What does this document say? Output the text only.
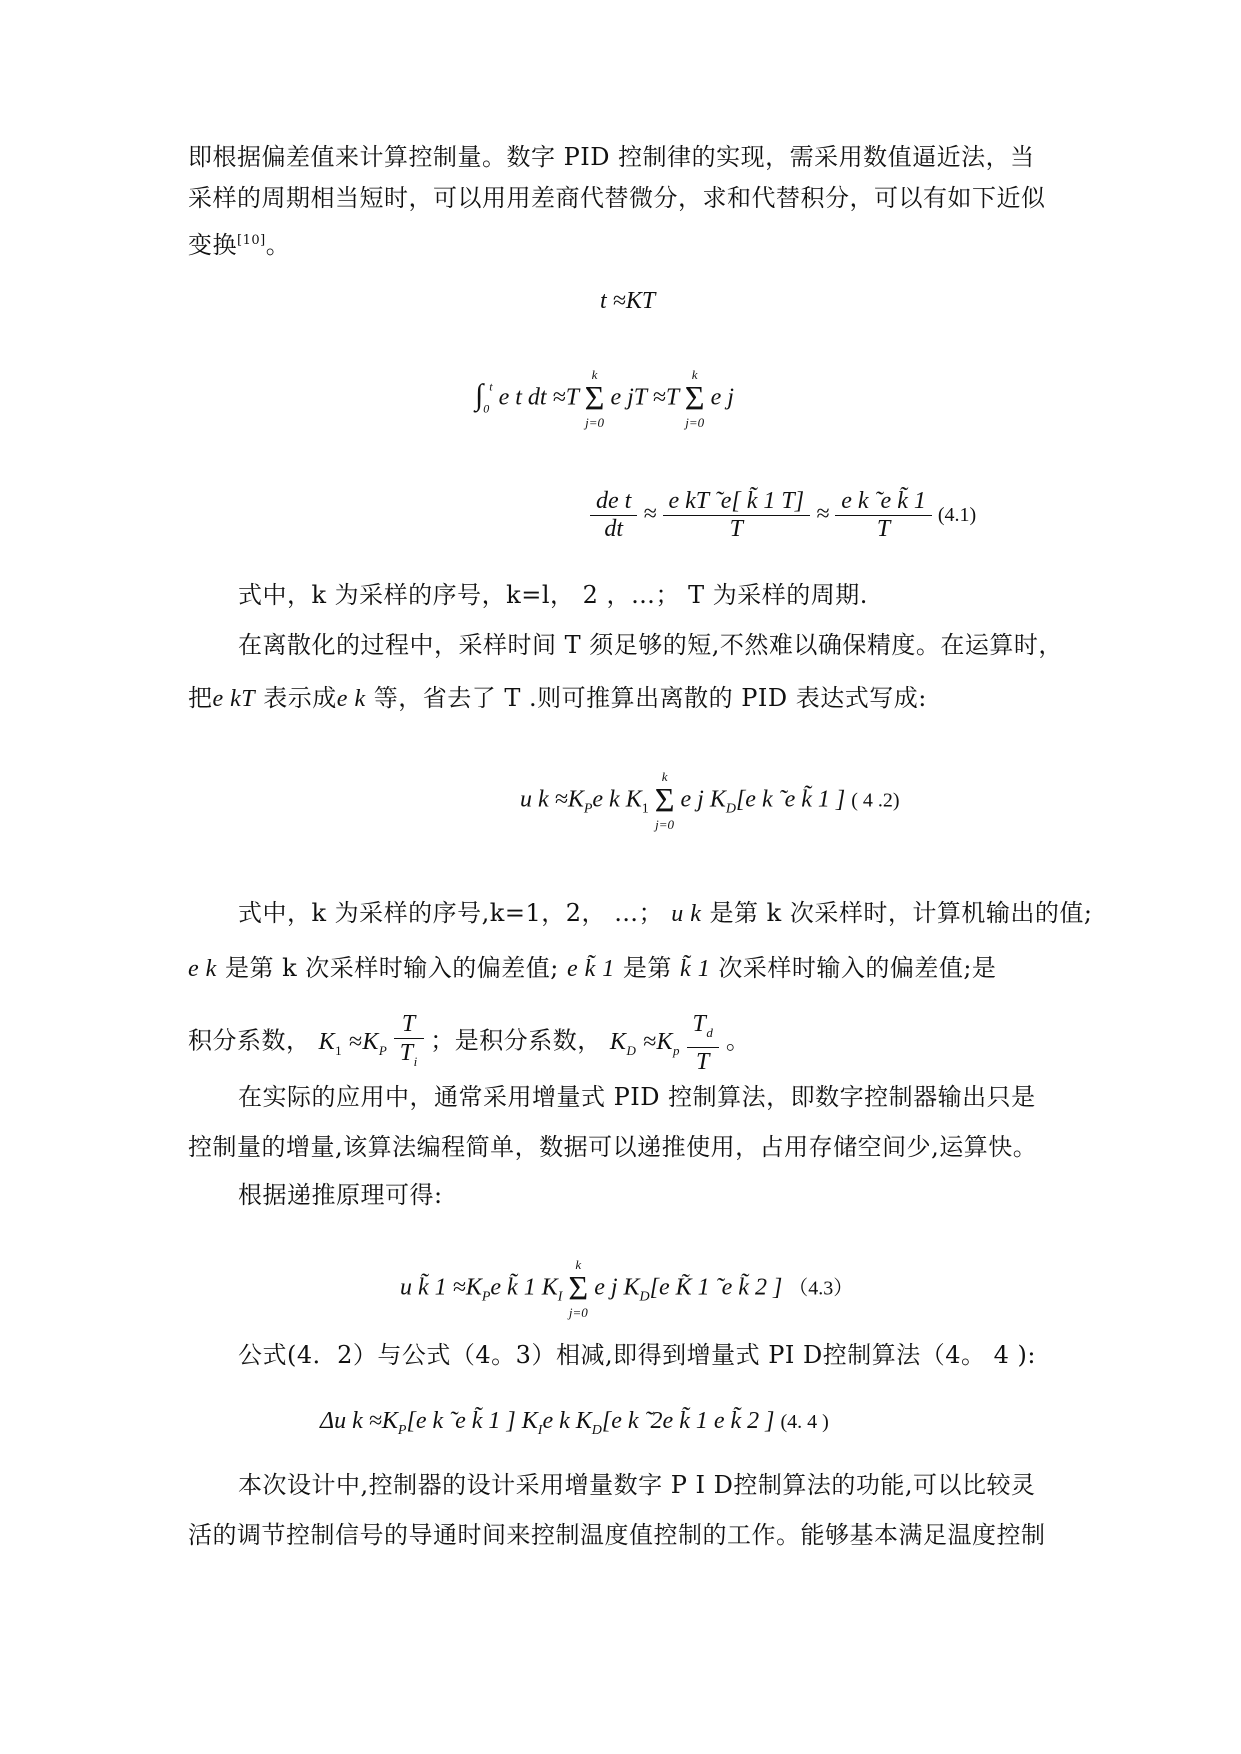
即根据偏差值来计算控制量。数字 PID 控制律的实现，需采用数值逼近法，当
采样的周期相当短时，可以用用差商代替微分，求和代替积分，可以有如下近似
变换[10]。
t ≈KT
$\int_0^t$ e t dt ≈T
k
Σ
j=0
e jT ≈T
k
Σ
j=0
e j
$\frac{\text{de t}}{dt} \approx \frac{\text{e kT ̃ e[ k̃ 1 T]}}{T} \approx \frac{\text{e k ̃ e k̃ 1}}{T} (4.1)$
式中，k 为采样的序号，k=l， 2 ，…； T 为采样的周期.
在离散化的过程中，采样时间 T 须足够的短,不然难以确保精度。在运算时，
把e kT 表示成e k 等，省去了 T .则可推算出离散的 PID 表达式写成:
u $k \approx K_Pe$ k $K_1$
k
Σ
j=0
e j $K_D[e$ k ̃ e k̃ 1 ] ( 4 .2)
式中，k 为采样的序号,k=1，2， …； u k 是第 k 次采样时，计算机输出的值;
e k 是第 k 次采样时输入的偏差值; e k̃ 1 是第 k̃ 1 次采样时输入的偏差值;是
积分系数， $K_1 \approx K_P \frac{T}{T_i}$ ；是积分系数， $K_D \approx K_p \frac{T_d}{T}$ 。
在实际的应用中，通常采用增量式 PID 控制算法，即数字控制器输出只是
控制量的增量,该算法编程简单，数据可以递推使用，占用存储空间少,运算快。
根据递推原理可得:
u k̃ $1 \approx K_Pe$ k̃ 1 $K_I$
k
Σ
j=0
e j $K_D[e$ K̃ 1 ̃ e k̃ 2 ] （4.3）
公式(4．2）与公式（4。3）相减,即得到增量式 PI D控制算法（4。 4 ):
Δu $k \approx K_P[e$ k ̃ e k̃ 1 ] $K_Ie$ k $K_D[e$ k ̃ 2e k̃ 1 e k̃ 2 ] (4. 4 )
本次设计中,控制器的设计采用增量数字 P I D控制算法的功能,可以比较灵
活的调节控制信号的导通时间来控制温度值控制的工作。能够基本满足温度控制
